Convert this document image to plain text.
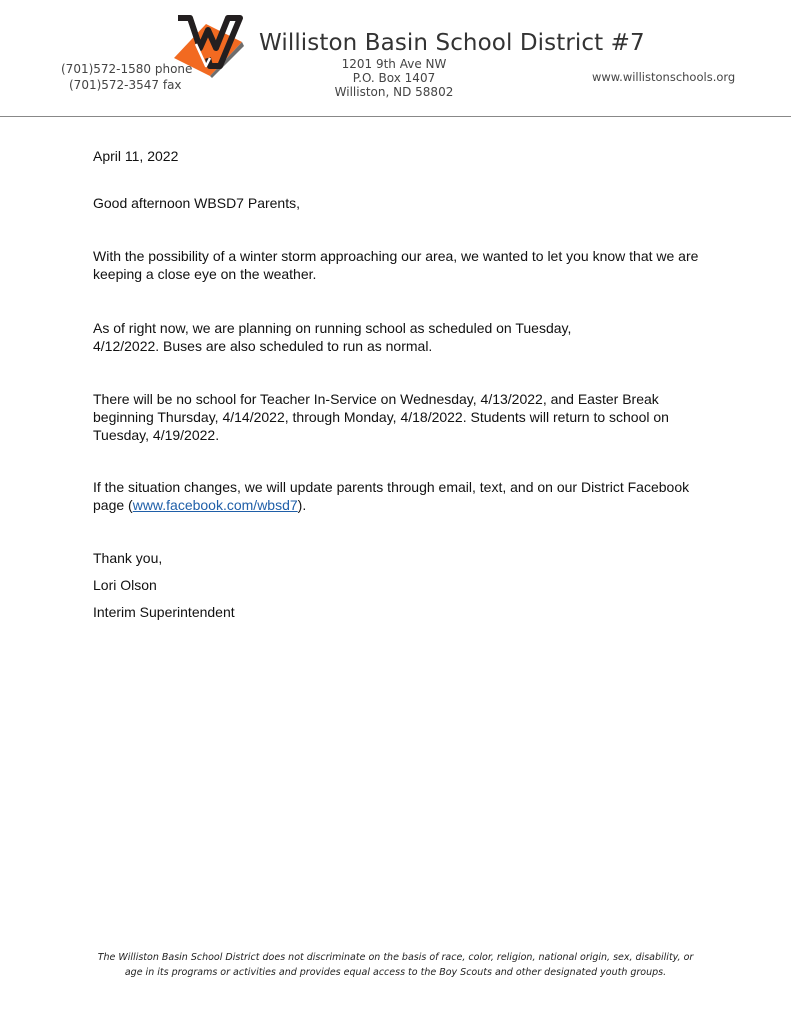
Williston Basin School District #7
(701)572-1580 phone
(701)572-3547 fax
1201 9th Ave NW
P.O. Box 1407
Williston, ND 58802
www.willistonschools.org
April 11, 2022
Good afternoon WBSD7 Parents,
With the possibility of a winter storm approaching our area, we wanted to let you know that we are keeping a close eye on the weather.

As of right now, we are planning on running school as scheduled on Tuesday,

4/12/2022. Buses are also scheduled to run as normal.

There will be no school for Teacher In-Service on Wednesday, 4/13/2022, and Easter Break beginning Thursday, 4/14/2022, through Monday, 4/18/2022. Students will return to school on Tuesday, 4/19/2022.
If the situation changes, we will update parents through email, text, and on our District Facebook page (www.facebook.com/wbsd7).
Thank you,
Lori Olson
Interim Superintendent
The Williston Basin School District does not discriminate on the basis of race, color, religion, national origin, sex, disability, or
age in its programs or activities and provides equal access to the Boy Scouts and other designated youth groups.
